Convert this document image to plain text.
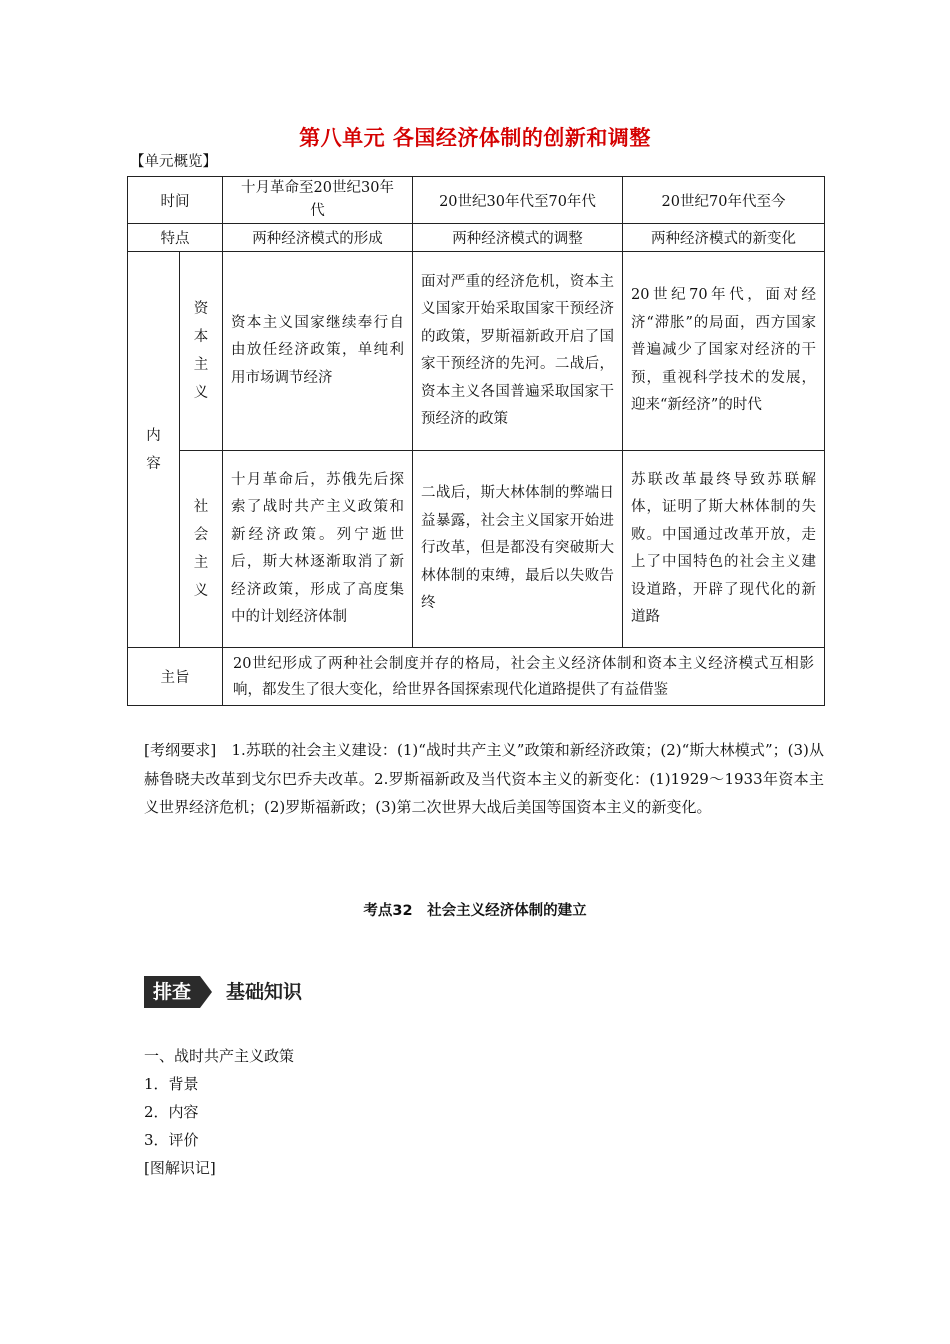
第八单元 各国经济体制的创新和调整
【单元概览】
时间		十月革命至20世纪30年代	20世纪30年代至70年代	20世纪70年代至今
特点		两种经济模式的形成	两种经济模式的调整	两种经济模式的新变化

内容	资本主义	资本主义国家继续奉行自由放任经济政策，单纯利用市场调节经济	面对严重的经济危机，资本主义国家开始采取国家干预经济的政策，罗斯福新政开启了国家干预经济的先河。二战后，资本主义各国普遍采取国家干预经济的政策	20世纪70年代，面对经济“滞胀”的局面，西方国家普遍减少了国家对经济的干预，重视科学技术的发展，迎来“新经济”的时代

	社会主义	十月革命后，苏俄先后探索了战时共产主义政策和新经济政策。列宁逝世后，斯大林逐渐取消了新经济政策，形成了高度集中的计划经济体制	二战后，斯大林体制的弊端日益暴露，社会主义国家开始进行改革，但是都没有突破斯大林体制的束缚，最后以失败告终	苏联改革最终导致苏联解体，证明了斯大林体制的失败。中国通过改革开放，走上了中国特色的社会主义建设道路，开辟了现代化的新道路

主旨		20世纪形成了两种社会制度并存的格局，社会主义经济体制和资本主义经济模式互相影响，都发生了很大变化，给世界各国探索现代化道路提供了有益借鉴		
[考纲要求]　1.苏联的社会主义建设：(1)“战时共产主义”政策和新经济政策；(2)“斯大林模式”；(3)从赫鲁晓夫改革到戈尔巴乔夫改革。2.罗斯福新政及当代资本主义的新变化：(1)1929～1933年资本主义世界经济危机；(2)罗斯福新政；(3)第二次世界大战后美国等国资本主义的新变化。
考点32　社会主义经济体制的建立
排查	基础知识
一、战时共产主义政策
1．背景
2．内容
3．评价
[图解识记]
